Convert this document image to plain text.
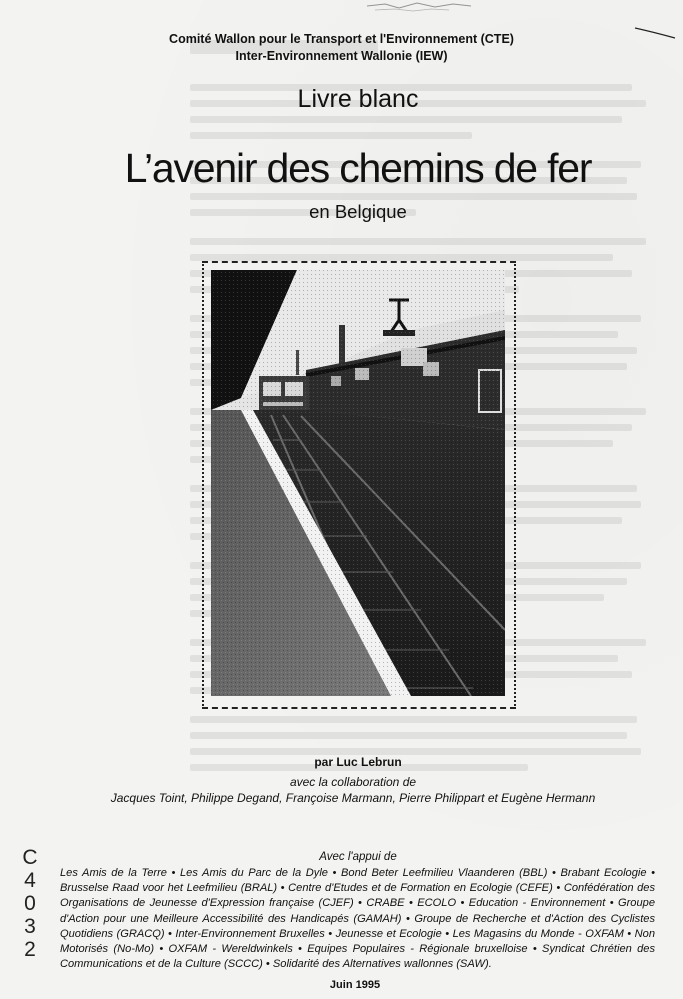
Comité Wallon pour le Transport et l'Environnement (CTE)
Inter-Environnement Wallonie (IEW)
Livre blanc
L’avenir des chemins de fer
en Belgique
par Luc Lebrun
avec la collaboration de
Jacques Toint, Philippe Degand, Françoise Marmann, Pierre Philippart et Eugène Hermann
C
4
0
3
2
Avec l'appui de
Les Amis de la Terre • Les Amis du Parc de la Dyle • Bond Beter Leefmilieu Vlaanderen (BBL) • Brabant Ecologie • Brusselse Raad voor het Leefmilieu (BRAL) • Centre d'Etudes et de Formation en Ecologie (CEFE) • Confédération des Organisations de Jeunesse d'Expression française (CJEF) • CRABE • ECOLO • Education - Environnement • Groupe d'Action pour une Meilleure Accessibilité des Handicapés (GAMAH) • Groupe de Recherche et d'Action des Cyclistes Quotidiens (GRACQ) • Inter-Environnement Bruxelles • Jeunesse et Ecologie • Les Magasins du Monde - OXFAM • Non Motorisés (No-Mo) • OXFAM - Wereldwinkels • Equipes Populaires - Régionale bruxelloise • Syndicat Chrétien des Communications et de la Culture (SCCC) • Solidarité des Alternatives wallonnes (SAW).
Juin 1995
